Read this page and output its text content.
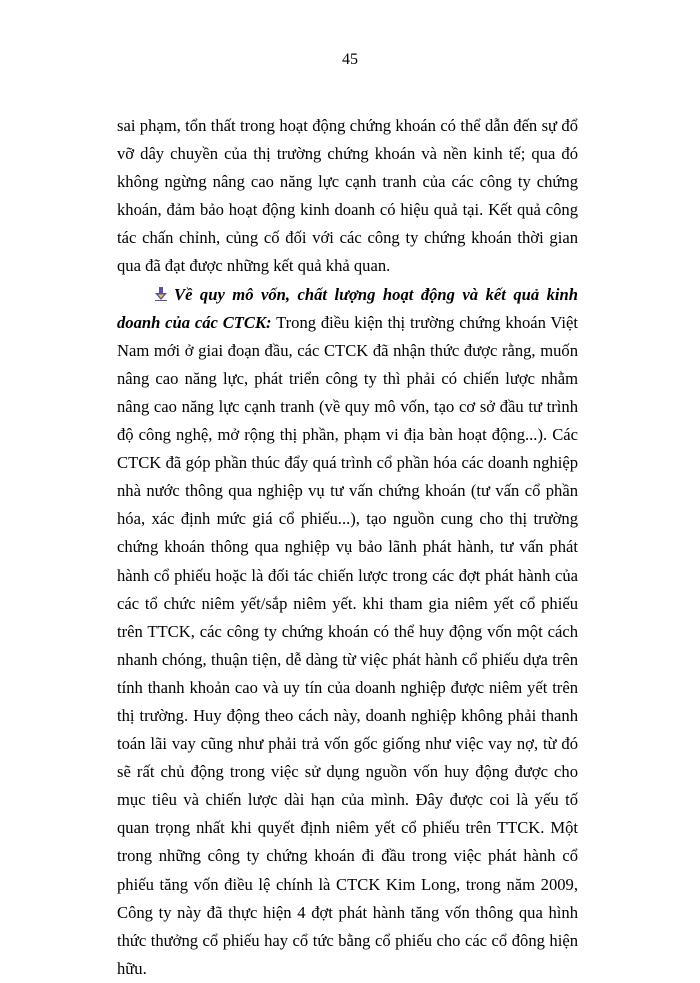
45

sai phạm, tổn thất trong hoạt động chứng khoán có thể dẫn đến sự đổ vỡ dây chuyền của thị trường chứng khoán và nền kinh tế; qua đó không ngừng nâng cao năng lực cạnh tranh của các công ty chứng khoán, đảm bảo hoạt động kinh doanh có hiệu quả tại. Kết quả công tác chấn chỉnh, củng cố đối với các công ty chứng khoán thời gian qua đã đạt được những kết quả khả quan.

Về quy mô vốn, chất lượng hoạt động và kết quả kinh doanh của các CTCK: Trong điều kiện thị trường chứng khoán Việt Nam mới ở giai đoạn đầu, các CTCK đã nhận thức được rằng, muốn nâng cao năng lực, phát triển công ty thì phải có chiến lược nhằm nâng cao năng lực cạnh tranh (về quy mô vốn, tạo cơ sở đầu tư trình độ công nghệ, mở rộng thị phần, phạm vi địa bàn hoạt động...). Các CTCK đã góp phần thúc đẩy quá trình cổ phần hóa các doanh nghiệp nhà nước thông qua nghiệp vụ tư vấn chứng khoán (tư vấn cổ phần hóa, xác định mức giá cổ phiếu...), tạo nguồn cung cho thị trường chứng khoán thông qua nghiệp vụ bảo lãnh phát hành, tư vấn phát hành cổ phiếu hoặc là đối tác chiến lược trong các đợt phát hành của các tổ chức niêm yết/sắp niêm yết. khi tham gia niêm yết cổ phiếu trên TTCK, các công ty chứng khoán có thể huy động vốn một cách nhanh chóng, thuận tiện, dễ dàng từ việc phát hành cổ phiếu dựa trên tính thanh khoản cao và uy tín của doanh nghiệp được niêm yết trên thị trường. Huy động theo cách này, doanh nghiệp không phải thanh toán lãi vay cũng như phải trả vốn gốc giống như việc vay nợ, từ đó sẽ rất chủ động trong việc sử dụng nguồn vốn huy động được cho mục tiêu và chiến lược dài hạn của mình. Đây được coi là yếu tố quan trọng nhất khi quyết định niêm yết cổ phiếu trên TTCK. Một trong những công ty chứng khoán đi đầu trong việc phát hành cổ phiếu tăng vốn điều lệ chính là CTCK Kim Long, trong năm 2009, Công ty này đã thực hiện 4 đợt phát hành tăng vốn thông qua hình thức thưởng cổ phiếu hay cổ tức bằng cổ phiếu cho các cổ đông hiện hữu.
